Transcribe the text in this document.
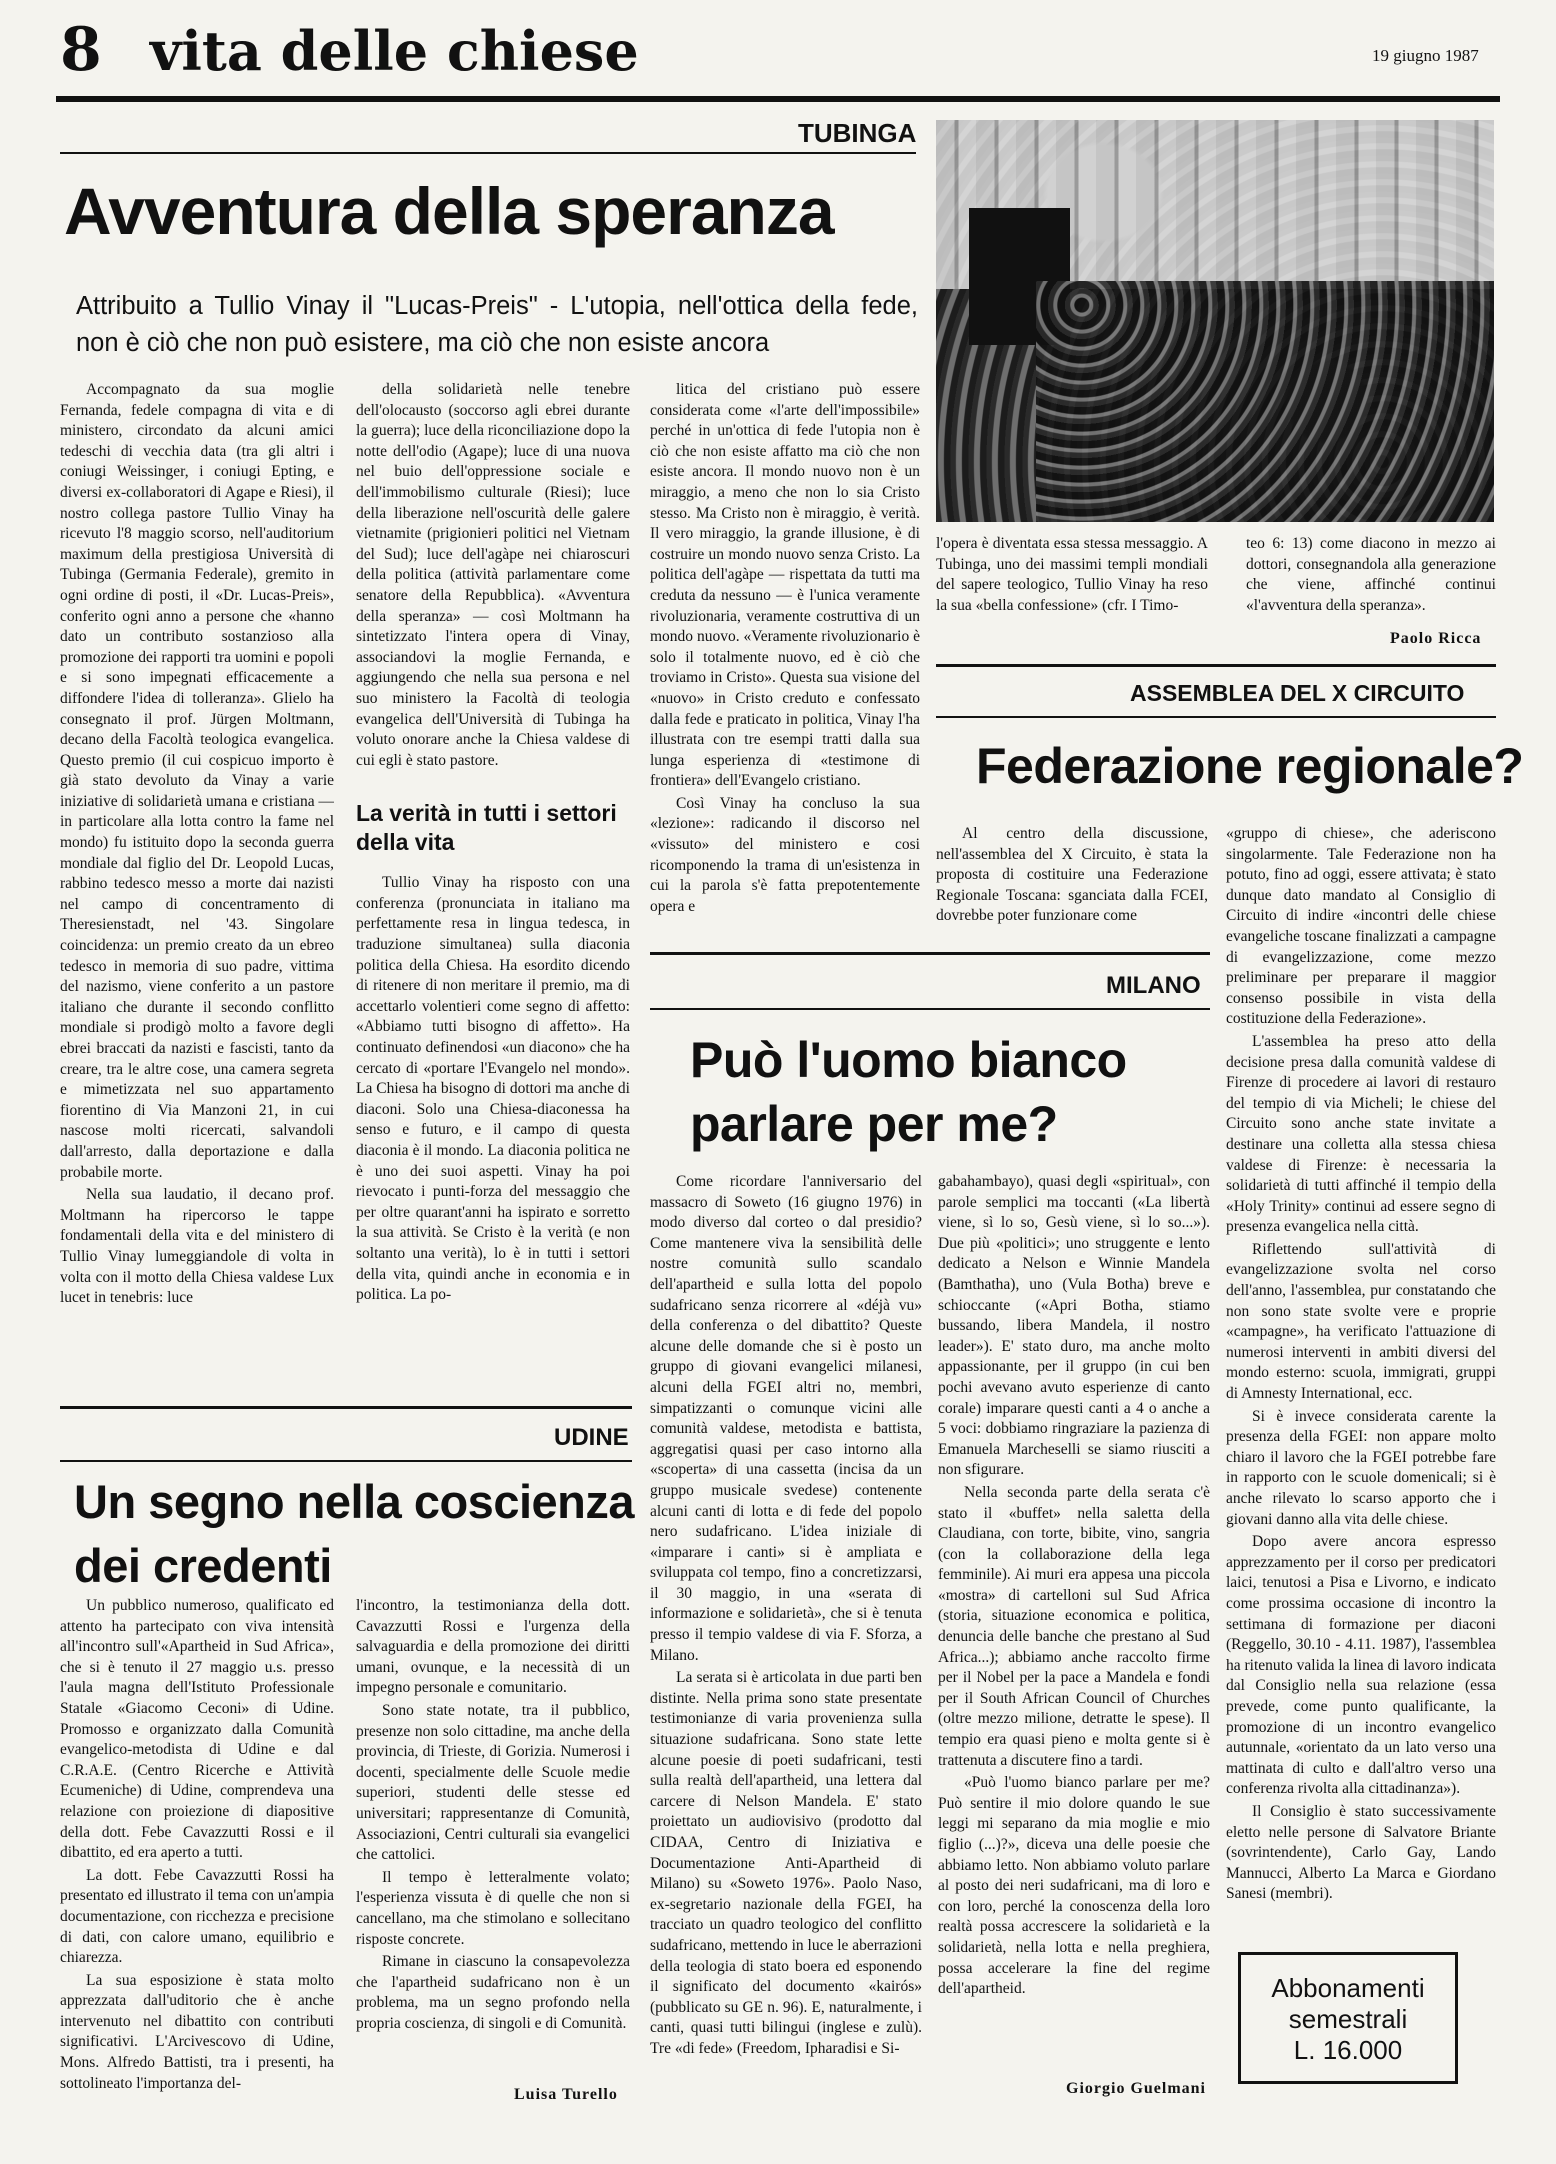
8 vita delle chiese	19 giugno 1987
TUBINGA
Avventura della speranza
Attribuito a Tullio Vinay il "Lucas-Preis" - L'utopia, nell'ottica della fede, non è ciò che non può esistere, ma ciò che non esiste ancora

Accompagnato da sua moglie Fernanda, fedele compagna di vita e di ministero, circondato da alcuni amici tedeschi di vecchia data (tra gli altri i coniugi Weissinger, i coniugi Epting, e diversi ex-collaboratori di Agape e Riesi), il nostro collega pastore Tullio Vinay ha ricevuto l'8 maggio scorso, nell'auditorium maximum della prestigiosa Università di Tubinga (Germania Federale), gremito in ogni ordine di posti, il «Dr. Lucas-Preis», conferito ogni anno a persone che «hanno dato un contributo sostanzioso alla promozione dei rapporti tra uomini e popoli e si sono impegnati efficacemente a diffondere l'idea di tolleranza». Glielo ha consegnato il prof. Jürgen Moltmann, decano della Facoltà teologica evangelica. Questo premio (il cui cospicuo importo è già stato devoluto da Vinay a varie iniziative di solidarietà umana e cristiana — in particolare alla lotta contro la fame nel mondo) fu istituito dopo la seconda guerra mondiale dal figlio del Dr. Leopold Lucas, rabbino tedesco messo a morte dai nazisti nel campo di concentramento di Theresienstadt, nel '43. Singolare coincidenza: un premio creato da un ebreo tedesco in memoria di suo padre, vittima del nazismo, viene conferito a un pastore italiano che durante il secondo conflitto mondiale si prodigò molto a favore degli ebrei braccati da nazisti e fascisti, tanto da creare, tra le altre cose, una camera segreta e mimetizzata nel suo appartamento fiorentino di Via Manzoni 21, in cui nascose molti ricercati, salvandoli dall'arresto, dalla deportazione e dalla probabile morte.

Nella sua laudatio, il decano prof. Moltmann ha ripercorso le tappe fondamentali della vita e del ministero di Tullio Vinay lumeggiandole di volta in volta con il motto della Chiesa valdese Lux lucet in tenebris: luce

della solidarietà nelle tenebre dell'olocausto (soccorso agli ebrei durante la guerra); luce della riconciliazione dopo la notte dell'odio (Agape); luce di una nuova nel buio dell'oppressione sociale e dell'immobilismo culturale (Riesi); luce della liberazione nell'oscurità delle galere vietnamite (prigionieri politici nel Vietnam del Sud); luce dell'agàpe nei chiaroscuri della politica (attività parlamentare come senatore della Repubblica). «Avventura della speranza» — così Moltmann ha sintetizzato l'intera opera di Vinay, associandovi la moglie Fernanda, e aggiungendo che nella sua persona e nel suo ministero la Facoltà di teologia evangelica dell'Università di Tubinga ha voluto onorare anche la Chiesa valdese di cui egli è stato pastore.

La verità in tutti i settori della vita

Tullio Vinay ha risposto con una conferenza (pronunciata in italiano ma perfettamente resa in lingua tedesca, in traduzione simultanea) sulla diaconia politica della Chiesa. Ha esordito dicendo di ritenere di non meritare il premio, ma di accettarlo volentieri come segno di affetto: «Abbiamo tutti bisogno di affetto». Ha continuato definendosi «un diacono» che ha cercato di «portare l'Evangelo nel mondo». La Chiesa ha bisogno di dottori ma anche di diaconi. Solo una Chiesa-diaconessa ha senso e futuro, e il campo di questa diaconia è il mondo. La diaconia politica ne è uno dei suoi aspetti. Vinay ha poi rievocato i punti-forza del messaggio che per oltre quarant'anni ha ispirato e sorretto la sua attività. Se Cristo è la verità (e non soltanto una verità), lo è in tutti i settori della vita, quindi anche in economia e in politica. La po-

litica del cristiano può essere considerata come «l'arte dell'impossibile» perché in un'ottica di fede l'utopia non è ciò che non esiste affatto ma ciò che non esiste ancora. Il mondo nuovo non è un miraggio, a meno che non lo sia Cristo stesso. Ma Cristo non è miraggio, è verità. Il vero miraggio, la grande illusione, è di costruire un mondo nuovo senza Cristo. La politica dell'agàpe — rispettata da tutti ma creduta da nessuno — è l'unica veramente rivoluzionaria, veramente costruttiva di un mondo nuovo. «Veramente rivoluzionario è solo il totalmente nuovo, ed è ciò che troviamo in Cristo». Questa sua visione del «nuovo» in Cristo creduto e confessato dalla fede e praticato in politica, Vinay l'ha illustrata con tre esempi tratti dalla sua lunga esperienza di «testimone di frontiera» dell'Evangelo cristiano.

Così Vinay ha concluso la sua «lezione»: radicando il discorso nel «vissuto» del ministero e cosi ricomponendo la trama di un'esistenza in cui la parola s'è fatta prepotentemente opera e

l'opera è diventata essa stessa messaggio. A Tubinga, uno dei massimi templi mondiali del sapere teologico, Tullio Vinay ha reso la sua «bella confessione» (cfr. I Timo-

teo 6: 13) come diacono in mezzo ai dottori, consegnandola alla generazione che viene, affinché continui «l'avventura della speranza».

Paolo Ricca
ASSEMBLEA DEL X CIRCUITO
Federazione regionale?

Al centro della discussione, nell'assemblea del X Circuito, è stata la proposta di costituire una Federazione Regionale Toscana: sganciata dalla FCEI, dovrebbe poter funzionare come

«gruppo di chiese», che aderiscono singolarmente. Tale Federazione non ha potuto, fino ad oggi, essere attivata; è stato dunque dato mandato al Consiglio di Circuito di indire «incontri delle chiese evangeliche toscane finalizzati a campagne di evangelizzazione, come mezzo preliminare per preparare il maggior consenso possibile in vista della costituzione della Federazione».

L'assemblea ha preso atto della decisione presa dalla comunità valdese di Firenze di procedere ai lavori di restauro del tempio di via Micheli; le chiese del Circuito sono anche state invitate a destinare una colletta alla stessa chiesa valdese di Firenze: è necessaria la solidarietà di tutti affinché il tempio della «Holy Trinity» continui ad essere segno di presenza evangelica nella città.

Riflettendo sull'attività di evangelizzazione svolta nel corso dell'anno, l'assemblea, pur constatando che non sono state svolte vere e proprie «campagne», ha verificato l'attuazione di numerosi interventi in ambiti diversi del mondo esterno: scuola, immigrati, gruppi di Amnesty International, ecc.

Si è invece considerata carente la presenza della FGEI: non appare molto chiaro il lavoro che la FGEI potrebbe fare in rapporto con le scuole domenicali; si è anche rilevato lo scarso apporto che i giovani danno alla vita delle chiese.

Dopo avere ancora espresso apprezzamento per il corso per predicatori laici, tenutosi a Pisa e Livorno, e indicato come prossima occasione di incontro la settimana di formazione per diaconi (Reggello, 30.10 - 4.11. 1987), l'assemblea ha ritenuto valida la linea di lavoro indicata dal Consiglio nella sua relazione (essa prevede, come punto qualificante, la promozione di un incontro evangelico autunnale, «orientato da un lato verso una mattinata di culto e dall'altro verso una conferenza rivolta alla cittadinanza»).

Il Consiglio è stato successivamente eletto nelle persone di Salvatore Briante (sovrintendente), Carlo Gay, Lando Mannucci, Alberto La Marca e Giordano Sanesi (membri).

Abbonamenti
semestrali
L. 16.000
MILANO
Può l'uomo bianco parlare per me?

Come ricordare l'anniversario del massacro di Soweto (16 giugno 1976) in modo diverso dal corteo o dal presidio? Come mantenere viva la sensibilità delle nostre comunità sullo scandalo dell'apartheid e sulla lotta del popolo sudafricano senza ricorrere al «déjà vu» della conferenza o del dibattito? Queste alcune delle domande che si è posto un gruppo di giovani evangelici milanesi, alcuni della FGEI altri no, membri, simpatizzanti o comunque vicini alle comunità valdese, metodista e battista, aggregatisi quasi per caso intorno alla «scoperta» di una cassetta (incisa da un gruppo musicale svedese) contenente alcuni canti di lotta e di fede del popolo nero sudafricano. L'idea iniziale di «imparare i canti» si è ampliata e sviluppata col tempo, fino a concretizzarsi, il 30 maggio, in una «serata di informazione e solidarietà», che si è tenuta presso il tempio valdese di via F. Sforza, a Milano.

La serata si è articolata in due parti ben distinte. Nella prima sono state presentate testimonianze di varia provenienza sulla situazione sudafricana. Sono state lette alcune poesie di poeti sudafricani, testi sulla realtà dell'apartheid, una lettera dal carcere di Nelson Mandela. E' stato proiettato un audiovisivo (prodotto dal CIDAA, Centro di Iniziativa e Documentazione Anti-Apartheid di Milano) su «Soweto 1976». Paolo Naso, ex-segretario nazionale della FGEI, ha tracciato un quadro teologico del conflitto sudafricano, mettendo in luce le aberrazioni della teologia di stato boera ed esponendo il significato del documento «kairós» (pubblicato su GE n. 96). E, naturalmente, i canti, quasi tutti bilingui (inglese e zulù). Tre «di fede» (Freedom, Ipharadisi e Si-

gabahambayo), quasi degli «spiritual», con parole semplici ma toccanti («La libertà viene, sì lo so, Gesù viene, sì lo so...»). Due più «politici»; uno struggente e lento dedicato a Nelson e Winnie Mandela (Bamthatha), uno (Vula Botha) breve e schioccante («Apri Botha, stiamo bussando, libera Mandela, il nostro leader»). E' stato duro, ma anche molto appassionante, per il gruppo (in cui ben pochi avevano avuto esperienze di canto corale) imparare questi canti a 4 o anche a 5 voci: dobbiamo ringraziare la pazienza di Emanuela Marcheselli se siamo riusciti a non sfigurare.

Nella seconda parte della serata c'è stato il «buffet» nella saletta della Claudiana, con torte, bibite, vino, sangria (con la collaborazione della lega femminile). Ai muri era appesa una piccola «mostra» di cartelloni sul Sud Africa (storia, situazione economica e politica, denuncia delle banche che prestano al Sud Africa...); abbiamo anche raccolto firme per il Nobel per la pace a Mandela e fondi per il South African Council of Churches (oltre mezzo milione, detratte le spese). Il tempio era quasi pieno e molta gente si è trattenuta a discutere fino a tardi.

«Può l'uomo bianco parlare per me? Può sentire il mio dolore quando le sue leggi mi separano da mia moglie e mio figlio (...)?», diceva una delle poesie che abbiamo letto. Non abbiamo voluto parlare al posto dei neri sudafricani, ma di loro e con loro, perché la conoscenza della loro realtà possa accrescere la solidarietà e la solidarietà, nella lotta e nella preghiera, possa accelerare la fine del regime dell'apartheid.

Giorgio Guelmani
UDINE
Un segno nella coscienza dei credenti

Un pubblico numeroso, qualificato ed attento ha partecipato con viva intensità all'incontro sull'«Apartheid in Sud Africa», che si è tenuto il 27 maggio u.s. presso l'aula magna dell'Istituto Professionale Statale «Giacomo Ceconi» di Udine. Promosso e organizzato dalla Comunità evangelico-metodista di Udine e dal C.R.A.E. (Centro Ricerche e Attività Ecumeniche) di Udine, comprendeva una relazione con proiezione di diapositive della dott. Febe Cavazzutti Rossi e il dibattito, ed era aperto a tutti.

La dott. Febe Cavazzutti Rossi ha presentato ed illustrato il tema con un'ampia documentazione, con ricchezza e precisione di dati, con calore umano, equilibrio e chiarezza.

La sua esposizione è stata molto apprezzata dall'uditorio che è anche intervenuto nel dibattito con contributi significativi. L'Arcivescovo di Udine, Mons. Alfredo Battisti, tra i presenti, ha sottolineato l'importanza del-

l'incontro, la testimonianza della dott. Cavazzutti Rossi e l'urgenza della salvaguardia e della promozione dei diritti umani, ovunque, e la necessità di un impegno personale e comunitario.

Sono state notate, tra il pubblico, presenze non solo cittadine, ma anche della provincia, di Trieste, di Gorizia. Numerosi i docenti, specialmente delle Scuole medie superiori, studenti delle stesse ed universitari; rappresentanze di Comunità, Associazioni, Centri culturali sia evangelici che cattolici.

Il tempo è letteralmente volato; l'esperienza vissuta è di quelle che non si cancellano, ma che stimolano e sollecitano risposte concrete.

Rimane in ciascuno la consapevolezza che l'apartheid sudafricano non è un problema, ma un segno profondo nella propria coscienza, di singoli e di Comunità.

Luisa Turello
